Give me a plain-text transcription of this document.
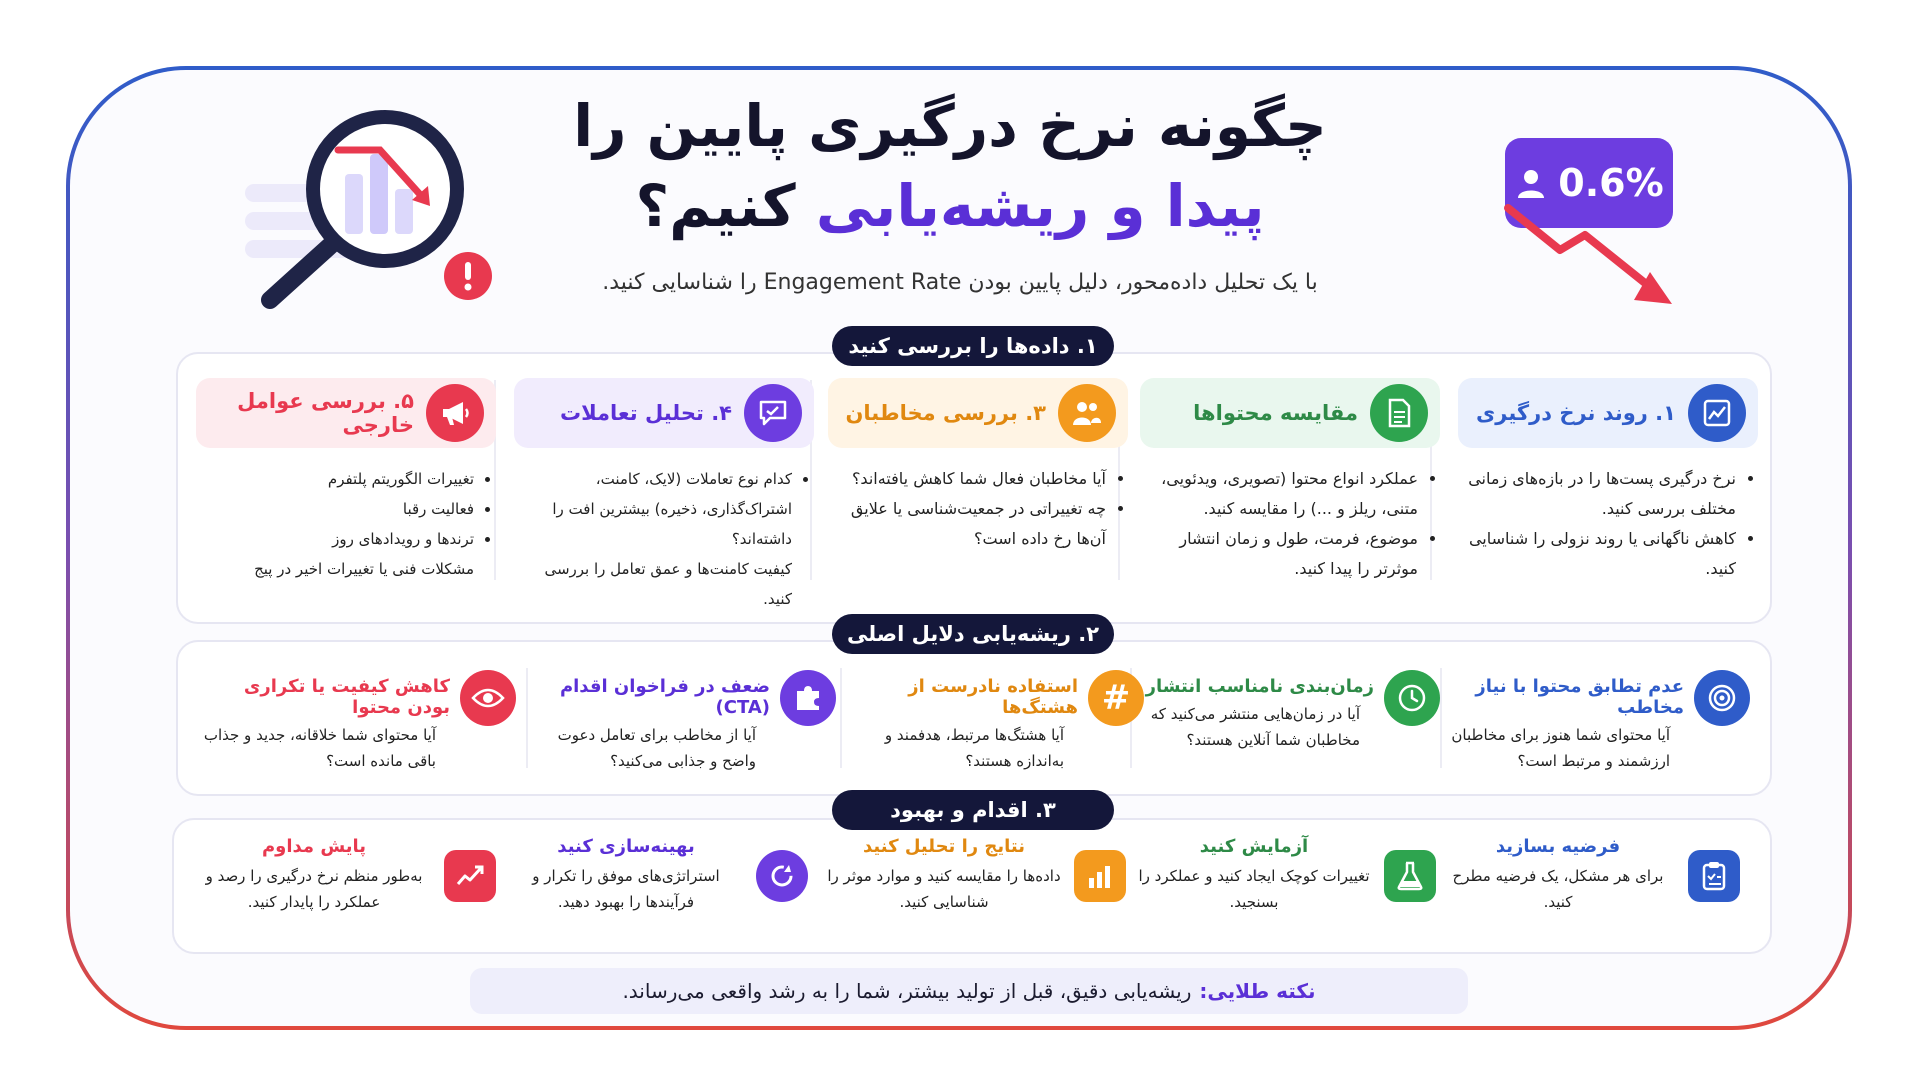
چگونه نرخ درگیری پایین را
پیدا و ریشه‌یابی کنیم؟
با یک تحلیل داده‌محور، دلیل پایین بودن Engagement Rate را شناسایی کنید.
0.6%
۱. داده‌ها را بررسی کنید
۱. روند نرخ درگیری
• نرخ درگیری پست‌ها را در بازه‌های زمانی مختلف بررسی کنید.
• کاهش ناگهانی یا روند نزولی را شناسایی کنید.
مقایسه محتواها
• عملکرد انواع محتوا (تصویری، ویدئویی، متنی، ریلز و ...) را مقایسه کنید.
• موضوع، فرمت، طول و زمان انتشار موثرتر را پیدا کنید.
۳. بررسی مخاطبان
• آیا مخاطبان فعال شما کاهش یافته‌اند؟
• چه تغییراتی در جمعیت‌شناسی یا علایق آن‌ها رخ داده است؟
۴. تحلیل تعاملات
• کدام نوع تعاملات (لایک، کامنت، اشتراک‌گذاری، ذخیره) بیشترین افت را داشته‌اند؟
کیفیت کامنت‌ها و عمق تعامل را بررسی کنید.
۵. بررسی عوامل خارجی
• تغییرات الگوریتم پلتفرم
• فعالیت رقبا
• ترندها و رویدادهای روز
مشکلات فنی یا تغییرات اخیر در پیج
۲. ریشه‌یابی دلایل اصلی
عدم تطابق محتوا با نیاز مخاطب
آیا محتوای شما هنوز برای مخاطبان ارزشمند و مرتبط است؟
زمان‌بندی نامناسب انتشار
آیا در زمان‌هایی منتشر می‌کنید که مخاطبان شما آنلاین هستند؟
#
استفاده نادرست از هشتگ‌ها
آیا هشتگ‌ها مرتبط، هدفمند و به‌اندازه هستند؟
ضعف در فراخوان اقدام (CTA)
آیا از مخاطب برای تعامل دعوت واضح و جذابی می‌کنید؟
کاهش کیفیت یا تکراری بودن محتوا
آیا محتوای شما خلاقانه، جدید و جذاب باقی مانده است؟
۳. اقدام و بهبود
فرضیه بسازید
برای هر مشکل، یک فرضیه مطرح کنید.
آزمایش کنید
تغییرات کوچک ایجاد کنید و عملکرد را بسنجید.
نتایج را تحلیل کنید
داده‌ها را مقایسه کنید و موارد موثر را شناسایی کنید.
بهینه‌سازی کنید
استراتژی‌های موفق را تکرار و فرآیندها را بهبود دهید.
پایش مداوم
به‌طور منظم نرخ درگیری را رصد و عملکرد را پایدار کنید.
نکته طلایی:
ریشه‌یابی دقیق، قبل از تولید بیشتر، شما را به رشد واقعی می‌رساند.
